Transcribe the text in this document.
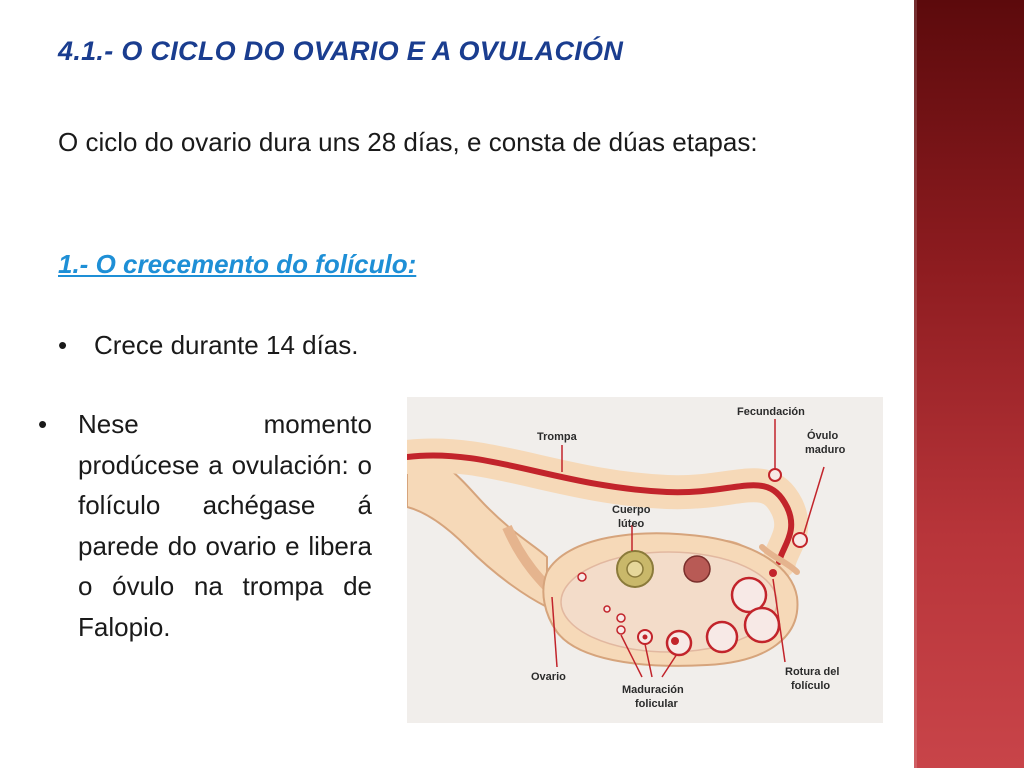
4.1.- O CICLO DO OVARIO E A OVULACIÓN

O ciclo do ovario dura uns 28 días, e consta de dúas etapas:

1.- O crecemento do folículo:

• Crece durante 14 días.

• Nese momento prodúcese a ovulación: o folículo achégase á parede do ovario e libera o óvulo na trompa de Falopio.
Trompa
Fecundación
Óvulo
maduro
Cuerpo
lúteo
Ovario
Maduración
folicular
Rotura del
folículo
